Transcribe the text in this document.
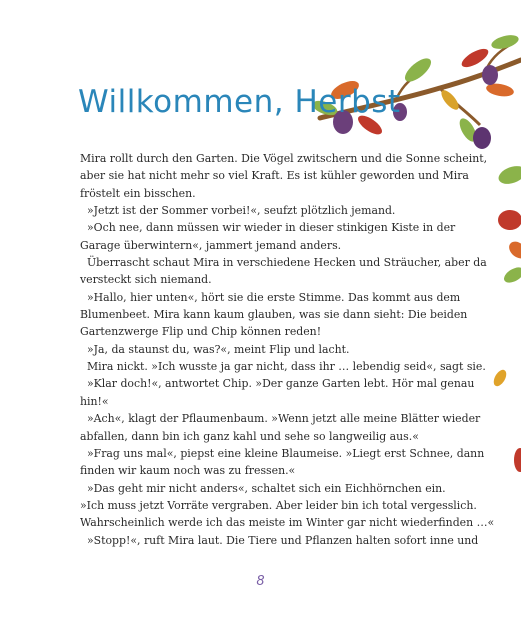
Willkommen, Herbst

Mira rollt durch den Garten. Die Vögel zwitschern und die Sonne scheint,
aber sie hat nicht mehr so viel Kraft. Es ist kühler geworden und Mira
fröstelt ein bisschen.

»Jetzt ist der Sommer vorbei!«, seufzt plötzlich jemand.

»Och nee, dann müssen wir wieder in dieser stinkigen Kiste in der
Garage überwintern«, jammert jemand anders.

Überrascht schaut Mira in verschiedene Hecken und Sträucher, aber da
versteckt sich niemand.

»Hallo, hier unten«, hört sie die erste Stimme. Das kommt aus dem
Blumenbeet. Mira kann kaum glauben, was sie dann sieht: Die beiden
Gartenzwerge Flip und Chip können reden!

»Ja, da staunst du, was?«, meint Flip und lacht.

Mira nickt. »Ich wusste ja gar nicht, dass ihr … lebendig seid«, sagt sie.

»Klar doch!«, antwortet Chip. »Der ganze Garten lebt. Hör mal genau
hin!«

»Ach«, klagt der Pflaumenbaum. »Wenn jetzt alle meine Blätter wieder
abfallen, dann bin ich ganz kahl und sehe so langweilig aus.«

»Frag uns mal«, piepst eine kleine Blaumeise. »Liegt erst Schnee, dann
finden wir kaum noch was zu fressen.«

»Das geht mir nicht anders«, schaltet sich ein Eichhörnchen ein.
»Ich muss jetzt Vorräte vergraben. Aber leider bin ich total vergesslich.
Wahrscheinlich werde ich das meiste im Winter gar nicht wiederfinden …«

»Stopp!«, ruft Mira laut. Die Tiere und Pflanzen halten sofort inne und

8
